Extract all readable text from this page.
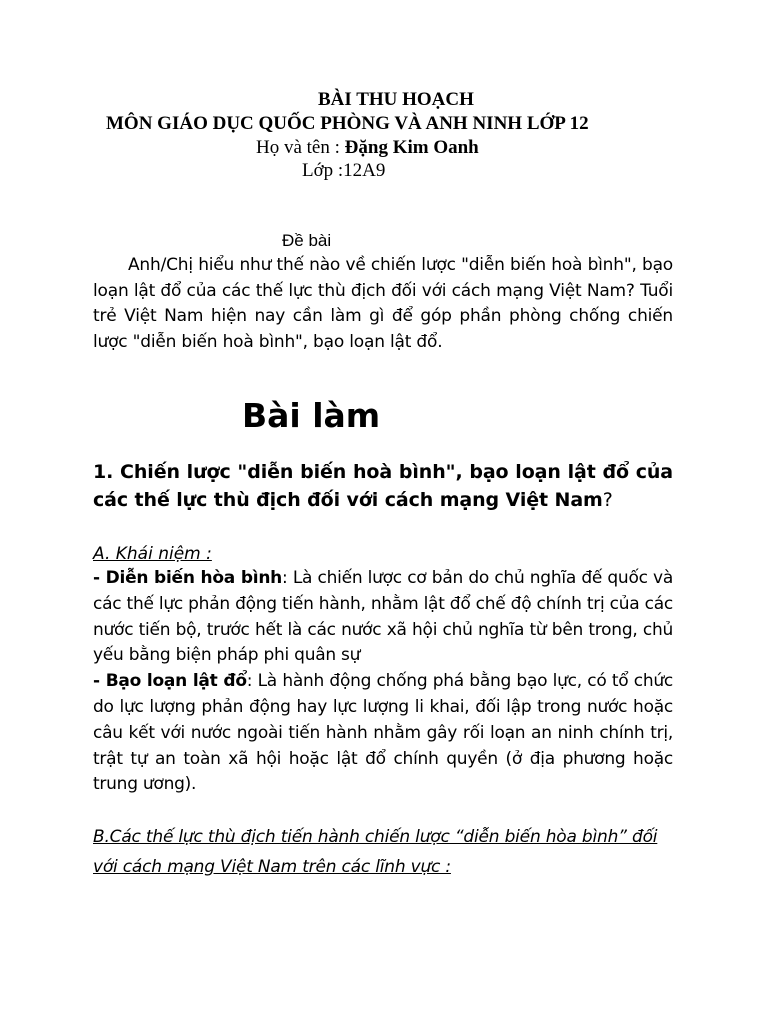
BÀI THU HOẠCH
MÔN GIÁO DỤC QUỐC PHÒNG VÀ ANH NINH LỚP 12
Họ và tên : Đặng Kim Oanh
Lớp :12A9
Đề bài
Anh/Chị hiểu như thế nào về chiến lược "diễn biến hoà bình", bạo loạn lật đổ của các thế lực thù địch đối với cách mạng Việt Nam? Tuổi trẻ Việt Nam hiện nay cần làm gì để góp phần phòng chống chiến lược "diễn biến hoà bình", bạo loạn lật đổ.
Bài làm
1. Chiến lược "diễn biến hoà bình", bạo loạn lật đổ của các thế lực thù địch đối với cách mạng Việt Nam?
A. Khái niệm :
- Diễn biến hòa bình: Là chiến lược cơ bản do chủ nghĩa đế quốc và các thế lực phản động tiến hành, nhằm lật đổ chế độ chính trị của các nước tiến bộ, trước hết là các nước xã hội chủ nghĩa từ bên trong, chủ yếu bằng biện pháp phi quân sự
- Bạo loạn lật đổ: Là hành động chống phá bằng bạo lực, có tổ chức do lực lượng phản động hay lực lượng li khai, đối lập trong nước hoặc câu kết với nước ngoài tiến hành nhằm gây rối loạn an ninh chính trị, trật tự an toàn xã hội hoặc lật đổ chính quyền (ở địa phương hoặc trung ương).
B.Các thế lực thù địch tiến hành chiến lược “diễn biến hòa bình” đối với cách mạng Việt Nam trên các lĩnh vực :
